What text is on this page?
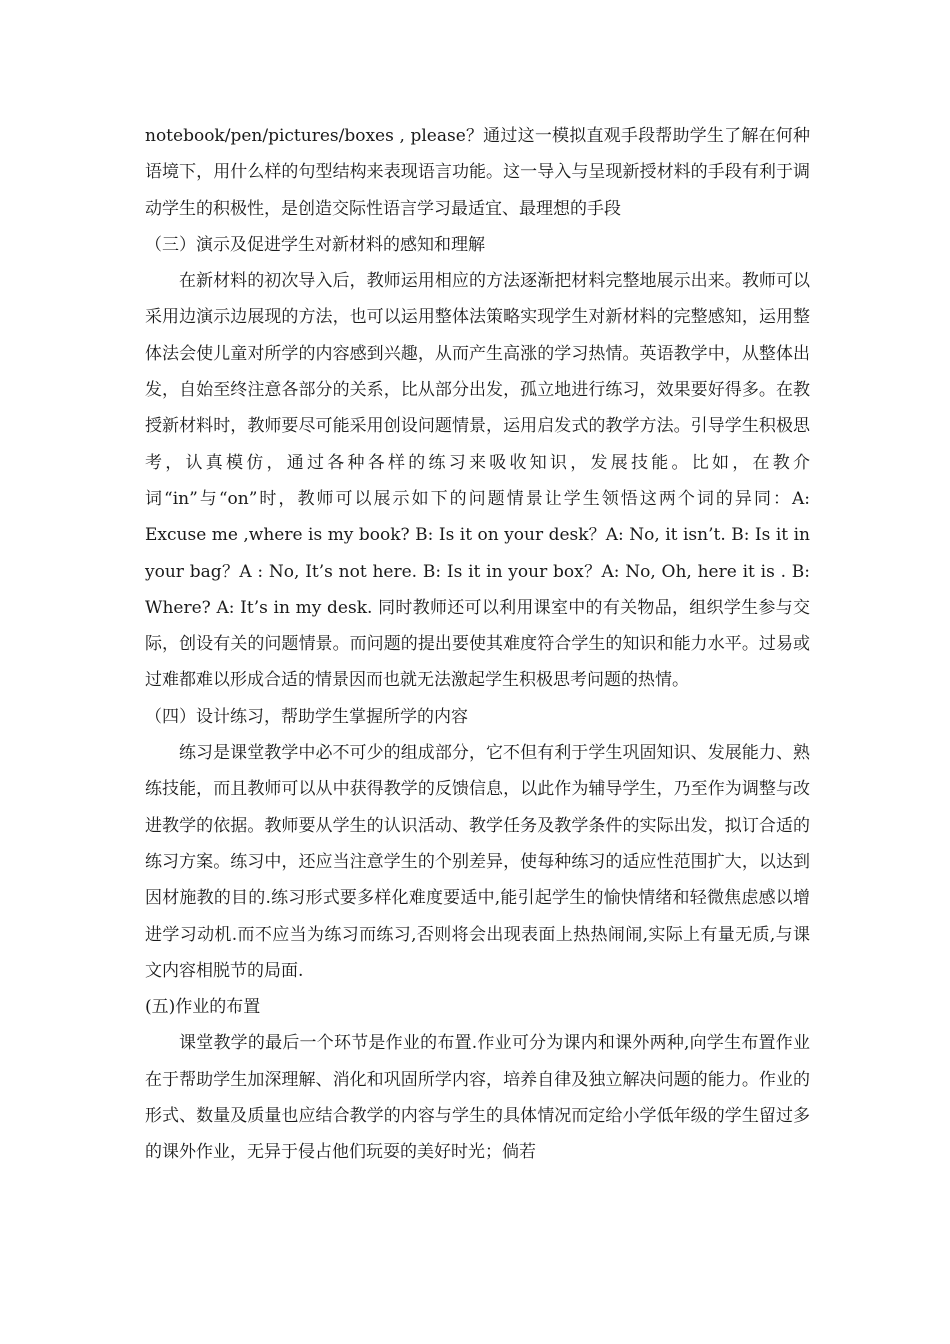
notebook/pen/pictures/boxes , please？通过这一模拟直观手段帮助学生了解在何种语境下，用什么样的句型结构来表现语言功能。这一导入与呈现新授材料的手段有利于调动学生的积极性，是创造交际性语言学习最适宜、最理想的手段

（三）演示及促进学生对新材料的感知和理解

在新材料的初次导入后，教师运用相应的方法逐渐把材料完整地展示出来。教师可以采用边演示边展现的方法，也可以运用整体法策略实现学生对新材料的完整感知，运用整体法会使儿童对所学的内容感到兴趣，从而产生高涨的学习热情。英语教学中，从整体出发，自始至终注意各部分的关系，比从部分出发，孤立地进行练习，效果要好得多。在教授新材料时，教师要尽可能采用创设问题情景，运用启发式的教学方法。引导学生积极思考，认真模仿，通过各种各样的练习来吸收知识，发展技能。比如，在教介词“in”与“on”时，教师可以展示如下的问题情景让学生领悟这两个词的异同：A: Excuse me ,where is my book? B: Is it on your desk？A: No, it isn’t. B: Is it in your bag？A : No, It’s not here. B: Is it in your box？A: No, Oh, here it is . B: Where? A: It’s in my desk. 同时教师还可以利用课室中的有关物品，组织学生参与交际，创设有关的问题情景。而问题的提出要使其难度符合学生的知识和能力水平。过易或过难都难以形成合适的情景因而也就无法激起学生积极思考问题的热情。

（四）设计练习，帮助学生掌握所学的内容

练习是课堂教学中必不可少的组成部分，它不但有利于学生巩固知识、发展能力、熟练技能，而且教师可以从中获得教学的反馈信息，以此作为辅导学生，乃至作为调整与改进教学的依据。教师要从学生的认识活动、教学任务及教学条件的实际出发，拟订合适的练习方案。练习中，还应当注意学生的个别差异，使每种练习的适应性范围扩大，以达到因材施教的目的.练习形式要多样化难度要适中,能引起学生的愉快情绪和轻微焦虑感以增进学习动机.而不应当为练习而练习,否则将会出现表面上热热闹闹,实际上有量无质,与课文内容相脱节的局面.

(五)作业的布置

课堂教学的最后一个环节是作业的布置.作业可分为课内和课外两种,向学生布置作业在于帮助学生加深理解、消化和巩固所学内容，培养自律及独立解决问题的能力。作业的形式、数量及质量也应结合教学的内容与学生的具体情况而定给小学低年级的学生留过多的课外作业，无异于侵占他们玩耍的美好时光；倘若
